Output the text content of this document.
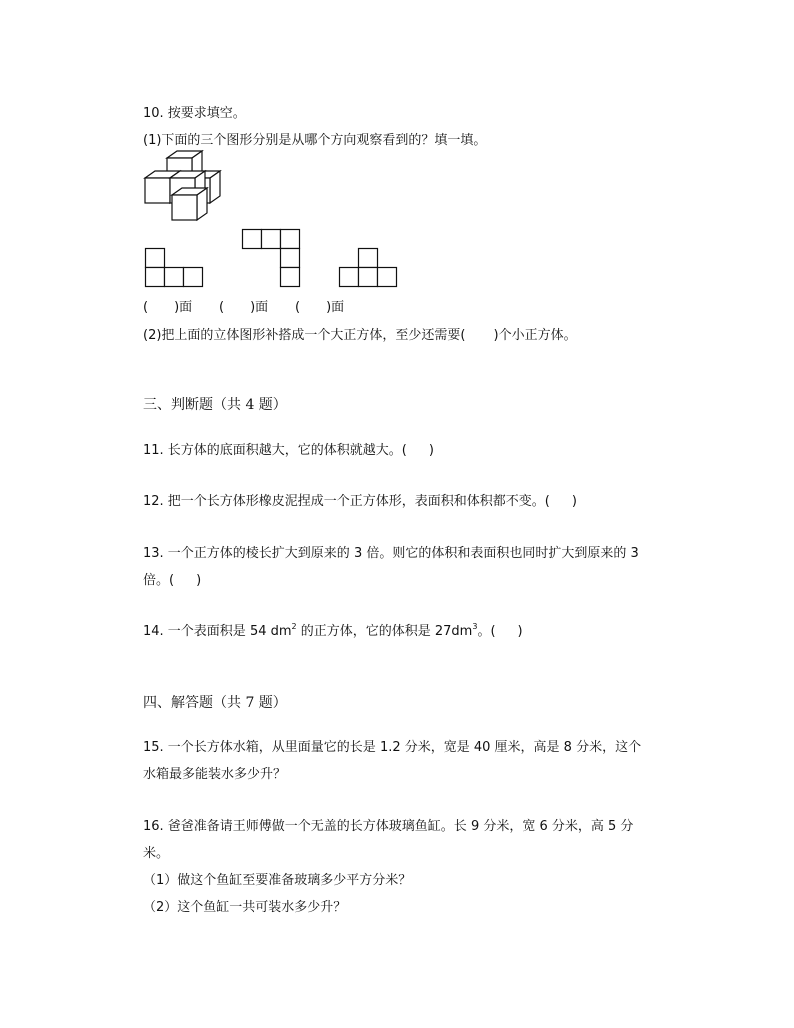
10. 按要求填空。
(1)下面的三个图形分别是从哪个方向观察看到的？填一填。
( )面 ( )面 ( )面
(2)把上面的立体图形补搭成一个大正方体，至少还需要( )个小正方体。
三、判断题（共 4 题）
11. 长方体的底面积越大，它的体积就越大。( )
12. 把一个长方体形橡皮泥捏成一个正方体形，表面积和体积都不变。( )
13. 一个正方体的棱长扩大到原来的 3 倍。则它的体积和表面积也同时扩大到原来的 3
倍。( )
14. 一个表面积是 54 $dm^2$ 的正方体，它的体积是 $27dm^3$。( )
四、解答题（共 7 题）
15. 一个长方体水箱，从里面量它的长是 1.2 分米，宽是 40 厘米，高是 8 分米，这个
水箱最多能装水多少升？
16. 爸爸准备请王师傅做一个无盖的长方体玻璃鱼缸。长 9 分米，宽 6 分米，高 5 分
米。
（1）做这个鱼缸至要准备玻璃多少平方分米？
（2）这个鱼缸一共可装水多少升？
